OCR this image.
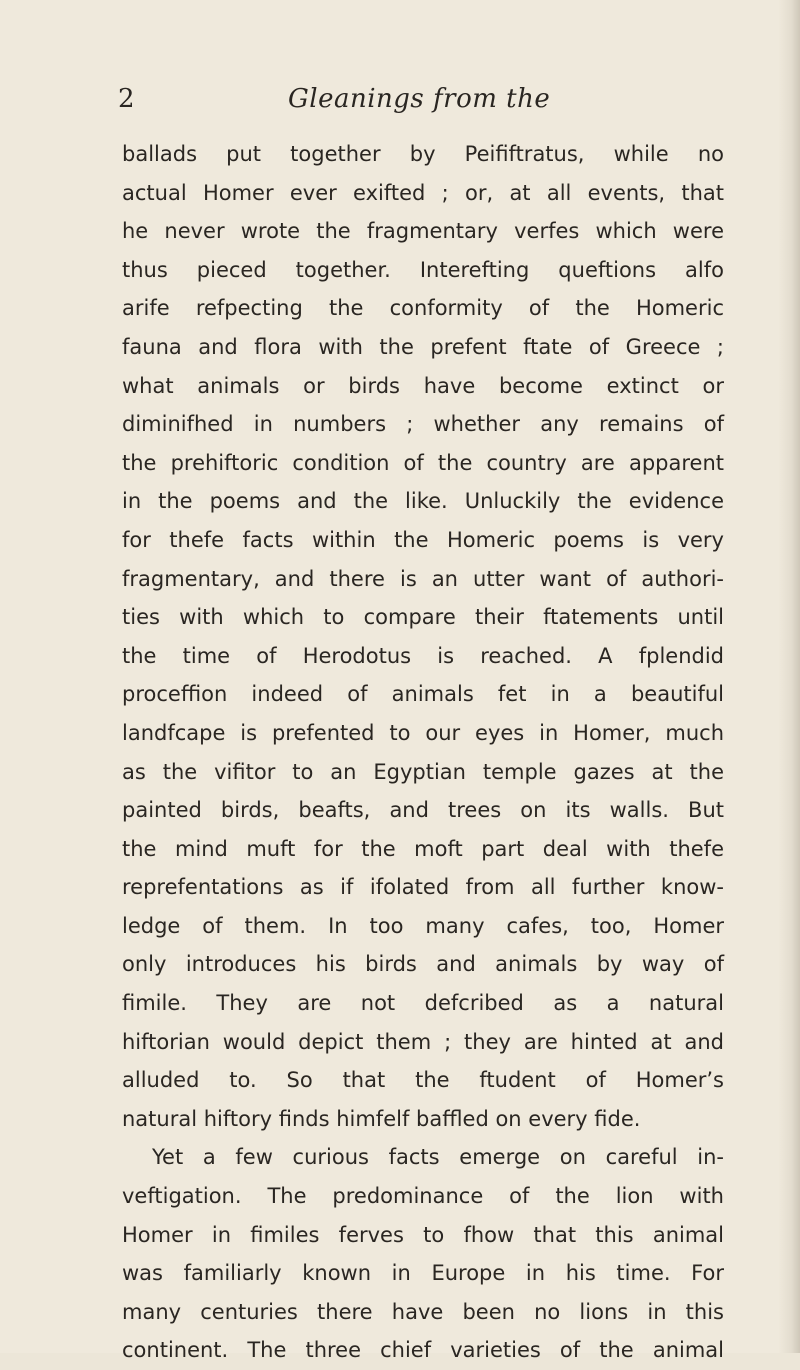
2	Gleanings from the
ballads put together by Peififtratus, while no
actual Homer ever exifted ; or, at all events, that
he never wrote the fragmentary verfes which were
thus pieced together. Interefting queftions alfo
arife refpecting the conformity of the Homeric
fauna and flora with the prefent ftate of Greece ;
what animals or birds have become extinct or
diminifhed in numbers ; whether any remains of
the prehiftoric condition of the country are apparent
in the poems and the like. Unluckily the evidence
for thefe facts within the Homeric poems is very
fragmentary, and there is an utter want of authori-
ties with which to compare their ftatements until
the time of Herodotus is reached. A fplendid
proceffion indeed of animals fet in a beautiful
landfcape is prefented to our eyes in Homer, much
as the vifitor to an Egyptian temple gazes at the
painted birds, beafts, and trees on its walls. But
the mind muft for the moft part deal with thefe
reprefentations as if ifolated from all further know-
ledge of them. In too many cafes, too, Homer
only introduces his birds and animals by way of
fimile. They are not defcribed as a natural
hiftorian would depict them ; they are hinted at and
alluded to. So that the ftudent of Homer’s
natural hiftory finds himfelf baffled on every fide.
Yet a few curious facts emerge on careful in-
veftigation. The predominance of the lion with
Homer in fimiles ferves to fhow that this animal
was familiarly known in Europe in his time. For
many centuries there have been no lions in this
continent. The three chief varieties of the animal
